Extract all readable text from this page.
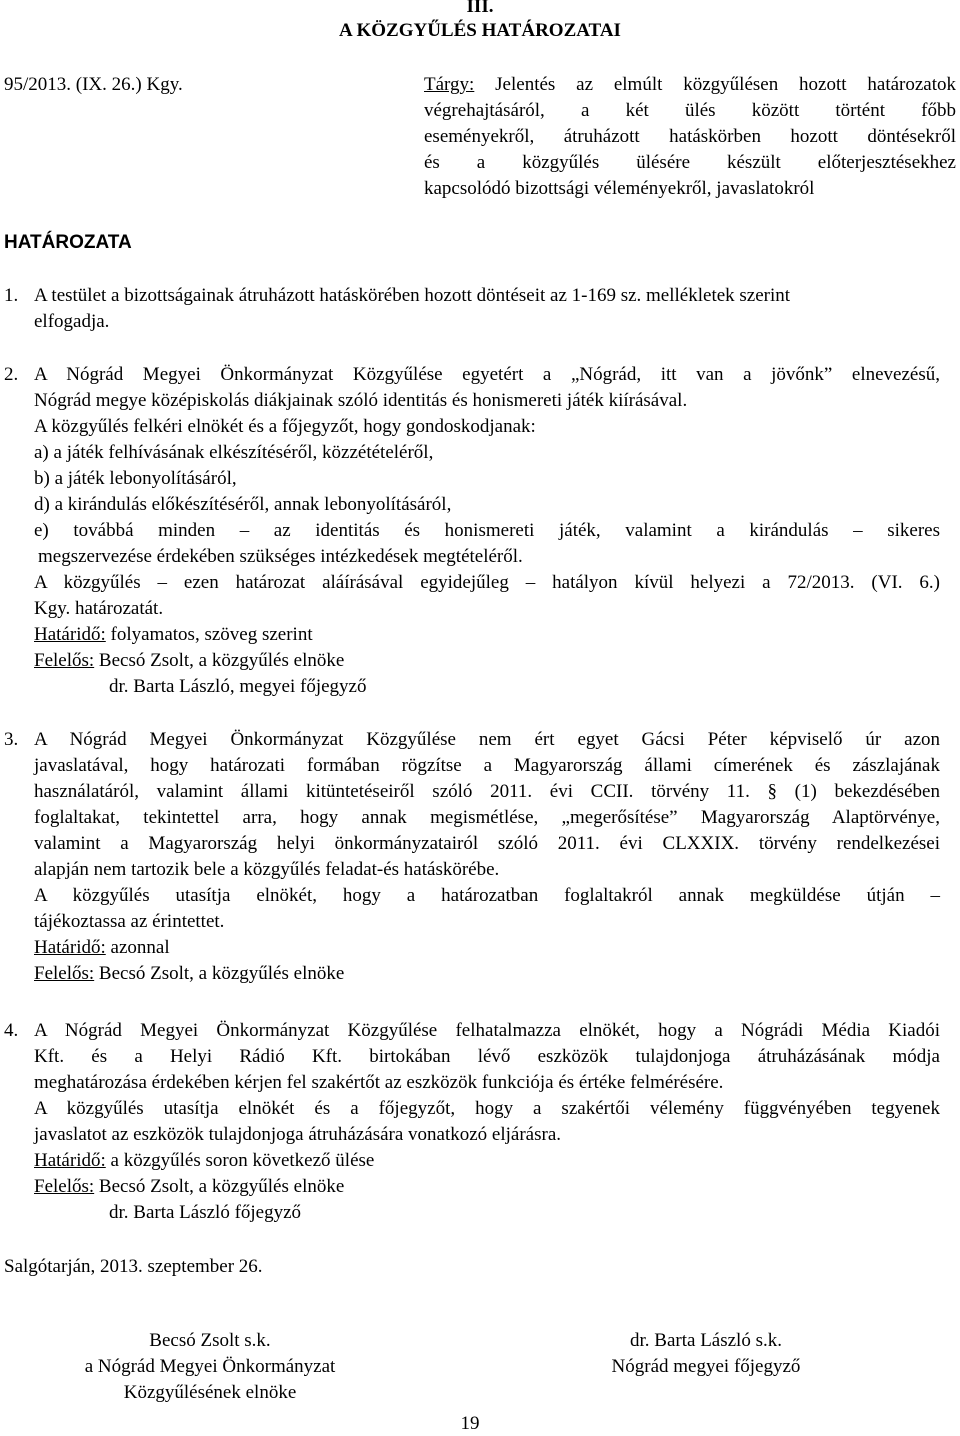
III.
A KÖZGYŰLÉS HATÁROZATAI
95/2013. (IX. 26.) Kgy.	Tárgy: Jelentés az elmúlt közgyűlésen hozott határozatok
végrehajtásáról, a két ülés között történt főbb
eseményekről, átruházott hatáskörben hozott döntésekről
és a közgyűlés ülésére készült előterjesztésekhez
kapcsolódó bizottsági véleményekről, javaslatokról
HATÁROZATA
1. A testület a bizottságainak átruházott hatáskörében hozott döntéseit az 1-169 sz. mellékletek szerint
elfogadja.
2. A Nógrád Megyei Önkormányzat Közgyűlése egyetért a „Nógrád, itt van a jövőnk” elnevezésű,
Nógrád megye középiskolás diákjainak szóló identitás és honismereti játék kiírásával.
A közgyűlés felkéri elnökét és a főjegyzőt, hogy gondoskodjanak:
a) a játék felhívásának elkészítéséről, közzétételéről,
b) a játék lebonyolításáról,
d) a kirándulás előkészítéséről, annak lebonyolításáról,
e) továbbá minden – az identitás és honismereti játék, valamint a kirándulás – sikeres
megszervezése érdekében szükséges intézkedések megtételéről.
A közgyűlés – ezen határozat aláírásával egyidejűleg – hatályon kívül helyezi a 72/2013. (VI. 6.)
Kgy. határozatát.
Határidő: folyamatos, szöveg szerint
Felelős: Becsó Zsolt, a közgyűlés elnöke
dr. Barta László, megyei főjegyző
3. A Nógrád Megyei Önkormányzat Közgyűlése nem ért egyet Gácsi Péter képviselő úr azon
javaslatával, hogy határozati formában rögzítse a Magyarország állami címerének és zászlajának
használatáról, valamint állami kitüntetéseiről szóló 2011. évi CCII. törvény 11. § (1) bekezdésében
foglaltakat, tekintettel arra, hogy annak megismétlése, „megerősítése” Magyarország Alaptörvénye,
valamint a Magyarország helyi önkormányzatairól szóló 2011. évi CLXXIX. törvény rendelkezései
alapján nem tartozik bele a közgyűlés feladat-és hatáskörébe.
A közgyűlés utasítja elnökét, hogy a határozatban foglaltakról annak megküldése útján –
tájékoztassa az érintettet.
Határidő: azonnal
Felelős: Becsó Zsolt, a közgyűlés elnöke
4. A Nógrád Megyei Önkormányzat Közgyűlése felhatalmazza elnökét, hogy a Nógrádi Média Kiadói
Kft. és a Helyi Rádió Kft. birtokában lévő eszközök tulajdonjoga átruházásának módja
meghatározása érdekében kérjen fel szakértőt az eszközök funkciója és értéke felmérésére.
A közgyűlés utasítja elnökét és a főjegyzőt, hogy a szakértői vélemény függvényében tegyenek
javaslatot az eszközök tulajdonjoga átruházására vonatkozó eljárásra.
Határidő: a közgyűlés soron következő ülése
Felelős: Becsó Zsolt, a közgyűlés elnöke
dr. Barta László főjegyző
Salgótarján, 2013. szeptember 26.
Becsó Zsolt s.k.
a Nógrád Megyei Önkormányzat
Közgyűlésének elnöke
dr. Barta László s.k.
Nógrád megyei főjegyző
19
